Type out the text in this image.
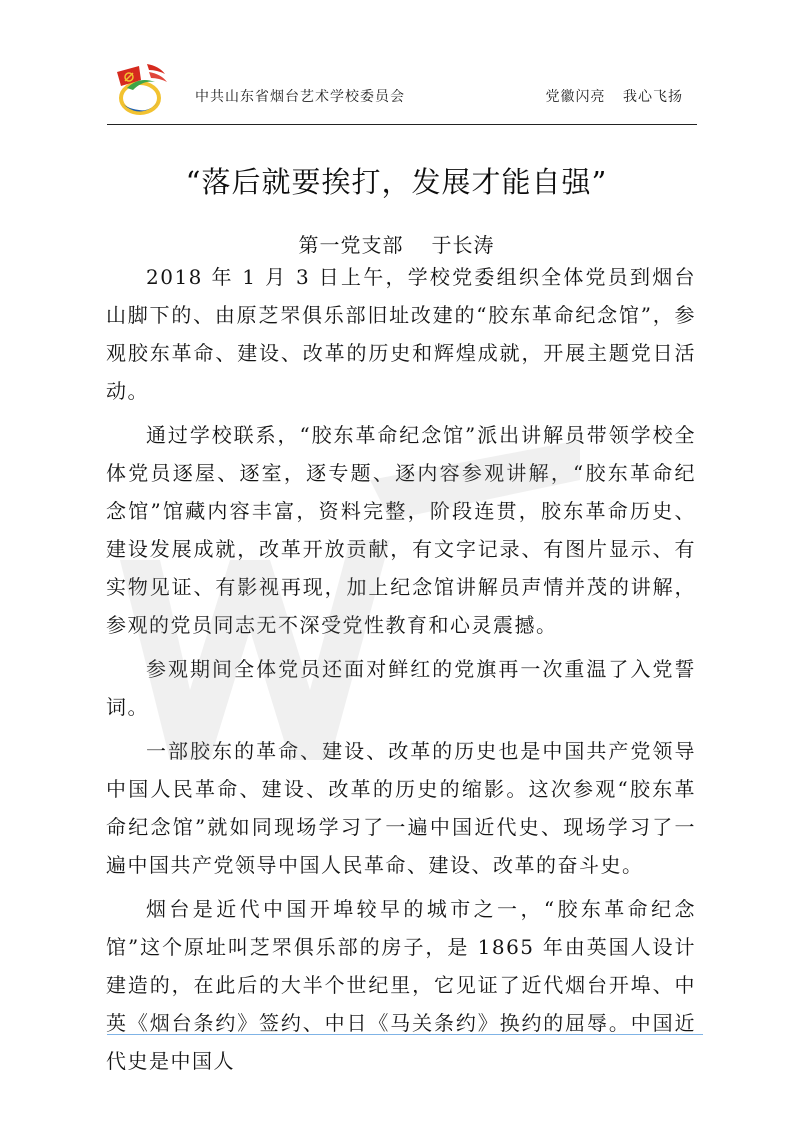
中共山东省烟台艺术学校委员会	党徽闪亮 我心飞扬
“落后就要挨打，发展才能自强”
第一党支部 于长涛

2018 年 1 月 3 日上午，学校党委组织全体党员到烟台山脚下的、由原芝罘俱乐部旧址改建的“胶东革命纪念馆”，参观胶东革命、建设、改革的历史和辉煌成就，开展主题党日活动。

通过学校联系，“胶东革命纪念馆”派出讲解员带领学校全体党员逐屋、逐室，逐专题、逐内容参观讲解，“胶东革命纪念馆”馆藏内容丰富，资料完整，阶段连贯，胶东革命历史、建设发展成就，改革开放贡献，有文字记录、有图片显示、有实物见证、有影视再现，加上纪念馆讲解员声情并茂的讲解，参观的党员同志无不深受党性教育和心灵震撼。

参观期间全体党员还面对鲜红的党旗再一次重温了入党誓词。

一部胶东的革命、建设、改革的历史也是中国共产党领导中国人民革命、建设、改革的历史的缩影。这次参观“胶东革命纪念馆”就如同现场学习了一遍中国近代史、现场学习了一遍中国共产党领导中国人民革命、建设、改革的奋斗史。

烟台是近代中国开埠较早的城市之一，“胶东革命纪念馆”这个原址叫芝罘俱乐部的房子，是 1865 年由英国人设计建造的，在此后的大半个世纪里，它见证了近代烟台开埠、中英《烟台条约》签约、中日《马关条约》换约的屈辱。中国近代史是中国人
